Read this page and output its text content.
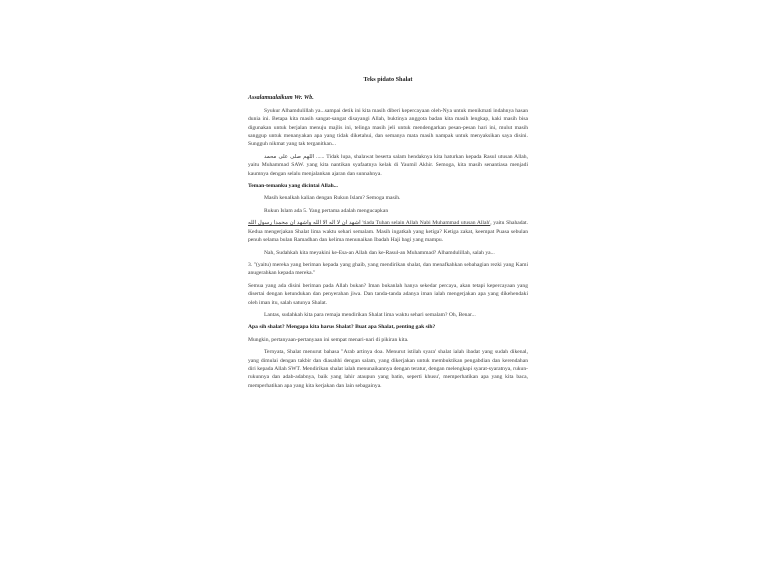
Teks pidato Shalat
Assalamualaikum Wr. Wb.

Syukur Alhamdulillah ya...sampai detik ini kita masih diberi kepercayaan oleh-Nya untuk menikmati indahnya hasan dunia ini. Betapa kita masih sangat-sangat disayangi Allah, buktinya anggota badan kita masih lengkap, kaki masih bisa digunakan untuk berjalan menuju majlis ini, telinga masih jeli untuk mendengarkan pesan-pesan hari ini, mulut masih sanggup untuk menanyakan apa yang tidak diketahui, dan semanya mata masih nampak untuk menyaksikan saya disini. Sungguh nikmat yang tak terganitkan...

اللهم صلى على محمد ...... Tidak lupa, shalawat beserta salam hendaknya kita haturkan kepada Rasul utusan Allah, yaitu Muhammad SAW. yang kita nantikan syafaatnya kelak di Yaumil Akhir. Semoga, kita masih senantiasa menjadi kaumnya dengan selalu menjalankan ajaran dan sunnahnya.

Teman-temanku yang dicintai Allah...

Masih kenalkah kalian dengan Rukun Islam? Semoga masih.

Rukun Islam ada 5. Yang pertama adalah mengucapkan

اشهد ان لا اله الا الله واشهد ان محمدا رسول الله 'tiada Tuhan selain Allah Nabi Muhammad utusan Allah', yaitu Shahadat. Kedua mengerjakan Shalat lima waktu sehari semalam. Masih ingatkah yang ketiga? Ketiga zakat, keempat Puasa sebulan penuh selama bulan Ramadhan dan kelima menunaikan Ibadah Haji bagi yang mampu.

Nah, Sudahkah kita meyakini ke-Esa-an Allah dan ke-Rasul-an Muhammad? Alhamdulillah, salah ya...

3. "(yaitu) mereka yang beriman kepada yang ghaib, yang mendirikan shalat, dan menafkahkan sebahagian rezki yang Kami anugerahkan kepada mereka."

Semua yang ada disini beriman pada Allah bukan? Iman bukanlah hanya sekedar percaya, akan tetapi kepercayaan yang disertai dengan ketundukan dan penyerahan jiwa. Dan tanda-tanda adanya iman ialah mengerjakan apa yang dikehendaki oleh iman itu, salah satunya Shalat.

Lantas, sudahkah kita para remaja mendirikan Shalat lima waktu sehari semalam? Oh, Benar...

Apa sih shalat? Mengapa kita harus Shalat? Buat apa Shalat, penting gak sih?

Mungkin, pertanyaan-pertanyaan ini sempat menari-nari di pikiran kita.

Ternyata, Shalat menurut bahasa "Arab artinya doa. Menurut istilah syara' shalat ialah ibadat yang sudah dikenal, yang dimulai dengan takbir dan diasahhi dengan salam, yang dikerjakan untuk membuktikan pengabdian dan kerendahan diri kepada Allah SWT. Mendirikan shalat ialah menunaikannya dengan teratur, dengan melengkapi syarat-syaratnya, rukun-rukunnya dan adab-adabnya, baik yang lahir ataupun yang batin, seperti khusu', memperhatikan apa yang kita baca, memperhatikan apa yang kita kerjakan dan lain sebagainya.
